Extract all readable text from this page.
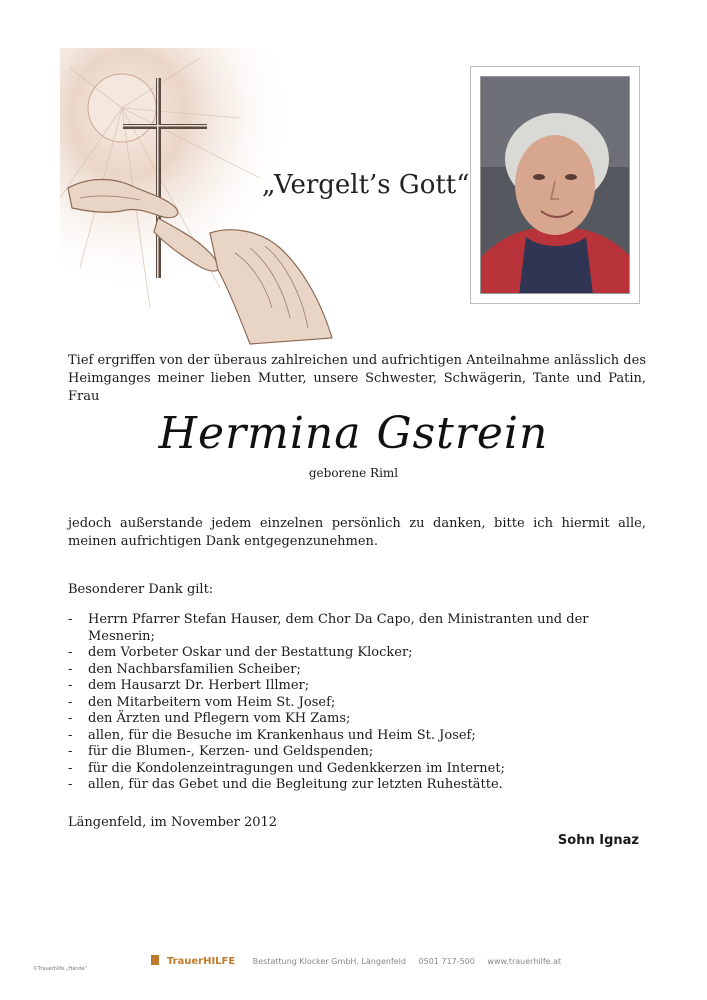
„Vergelt’s Gott“
Tief ergriffen von der überaus zahlreichen und aufrichtigen Anteilnahme anlässlich des Heimganges meiner lieben Mutter, unsere Schwester, Schwägerin, Tante und Patin, Frau
Hermina Gstrein
geborene Riml
jedoch außerstande jedem einzelnen persönlich zu danken, bitte ich hiermit alle, meinen aufrichtigen Dank entgegenzunehmen.
Besonderer Dank gilt:
-	Herrn Pfarrer Stefan Hauser, dem Chor Da Capo, den Ministranten und der Mesnerin;
-	dem Vorbeter Oskar und der Bestattung Klocker;
-	den Nachbarsfamilien Scheiber;
-	dem Hausarzt Dr. Herbert Illmer;
-	den Mitarbeitern vom Heim St. Josef;
-	den Ärzten und Pflegern vom KH Zams;
-	allen, für die Besuche im Krankenhaus und Heim St. Josef;
-	für die Blumen-, Kerzen- und Geldspenden;
-	für die Kondolenzeintragungen und Gedenkkerzen im Internet;
-	allen, für das Gebet und die Begleitung zur letzten Ruhestätte.
Längenfeld, im November 2012
Sohn Ignaz
TrauerHILFE Bestattung Klocker GmbH, Längenfeld 0501 717-500 www.trauerhilfe.at
©Trauerhilfe „Hände“
